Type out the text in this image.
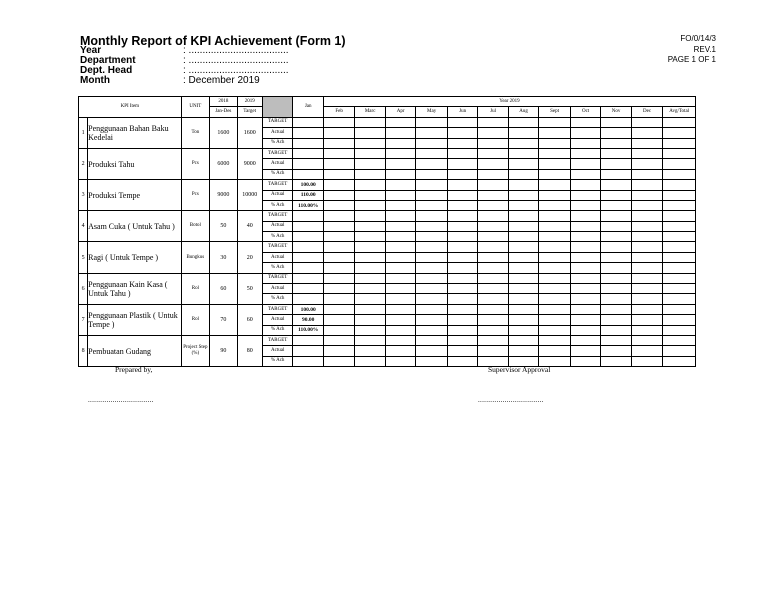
Monthly Report of KPI Achievement (Form 1)
Year	: ....................................
Department	: ....................................
Dept. Head	: ....................................
Month	: December 2019
FO/0/14/3
REV.1
PAGE 1 OF 1
KPI Item		UNIT	2018	2019		Jan	Year 2019											
			Jan-Des	Target			Feb	Marc	Apr	May	Jun	Jul	Aug	Sept	Oct	Nov	Dec	Avg/Total
1	Penggunaan Bahan Baku Kedelai	Ton	1600	1600	TARGET													
					Actual													
					% Ach													
2	Produksi Tahu	Pcs	6000	9000	TARGET													
					Actual													
					% Ach													
3	Produksi Tempe	Pcs	9000	10000	TARGET	100.00												
					Actual	110.00												
					% Ach	110.00%												
4	Asam Cuka ( Untuk Tahu )	Botol	50	40	TARGET													
					Actual													
					% Ach													
5	Ragi ( Untuk Tempe )	Bungkus	30	20	TARGET													
					Actual													
					% Ach													
6	Penggunaan Kain Kasa ( Untuk Tahu )	Rol	60	50	TARGET													
					Actual													
					% Ach													
7	Penggunaan Plastik ( Untuk Tempe )	Rol	70	60	TARGET	100.00												
					Actual	90.00												
					% Ach	110.00%												
8	Pembuatan Gudang	Project Step (%)	90	80	TARGET													
					Actual													
					% Ach													
Prepared by,	Supervisor Approval
................................	................................
